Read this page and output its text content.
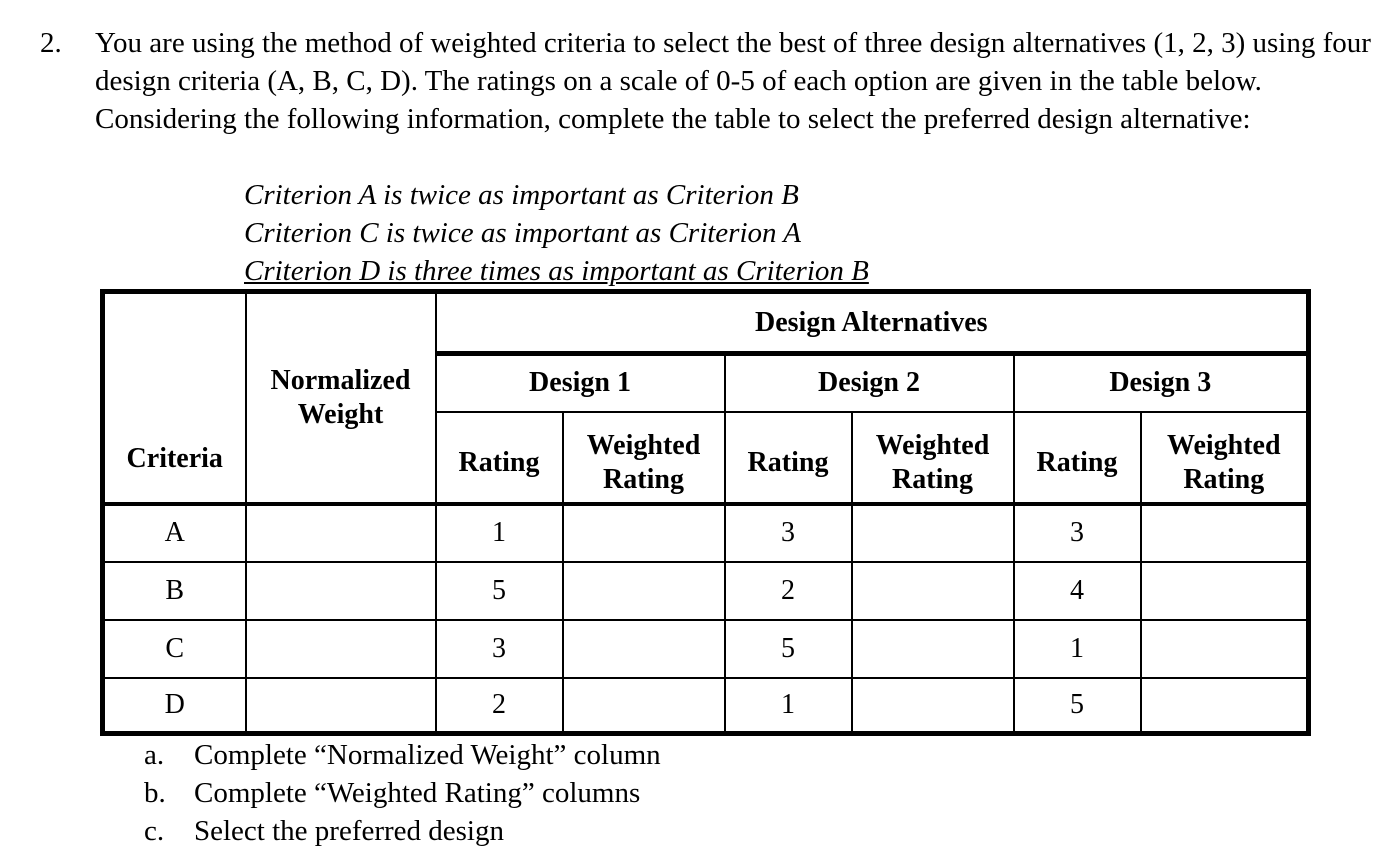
2. You are using the method of weighted criteria to select the best of three design alternatives (1, 2, 3) using four design criteria (A, B, C, D). The ratings on a scale of 0-5 of each option are given in the table below. Considering the following information, complete the table to select the preferred design alternative:
Criterion A is twice as important as Criterion B
Criterion C is twice as important as Criterion A
Criterion D is three times as important as Criterion B
Criteria	Normalized Weight	Design Alternatives					
		Design 1		Design 2		Design 3	
		Rating	Weighted Rating	Rating	Weighted Rating	Rating	Weighted Rating
A		1		3		3	
B		5		2		4	
C		3		5		1	
D		2		1		5	
a. Complete “Normalized Weight” column
b. Complete “Weighted Rating” columns
c. Select the preferred design
